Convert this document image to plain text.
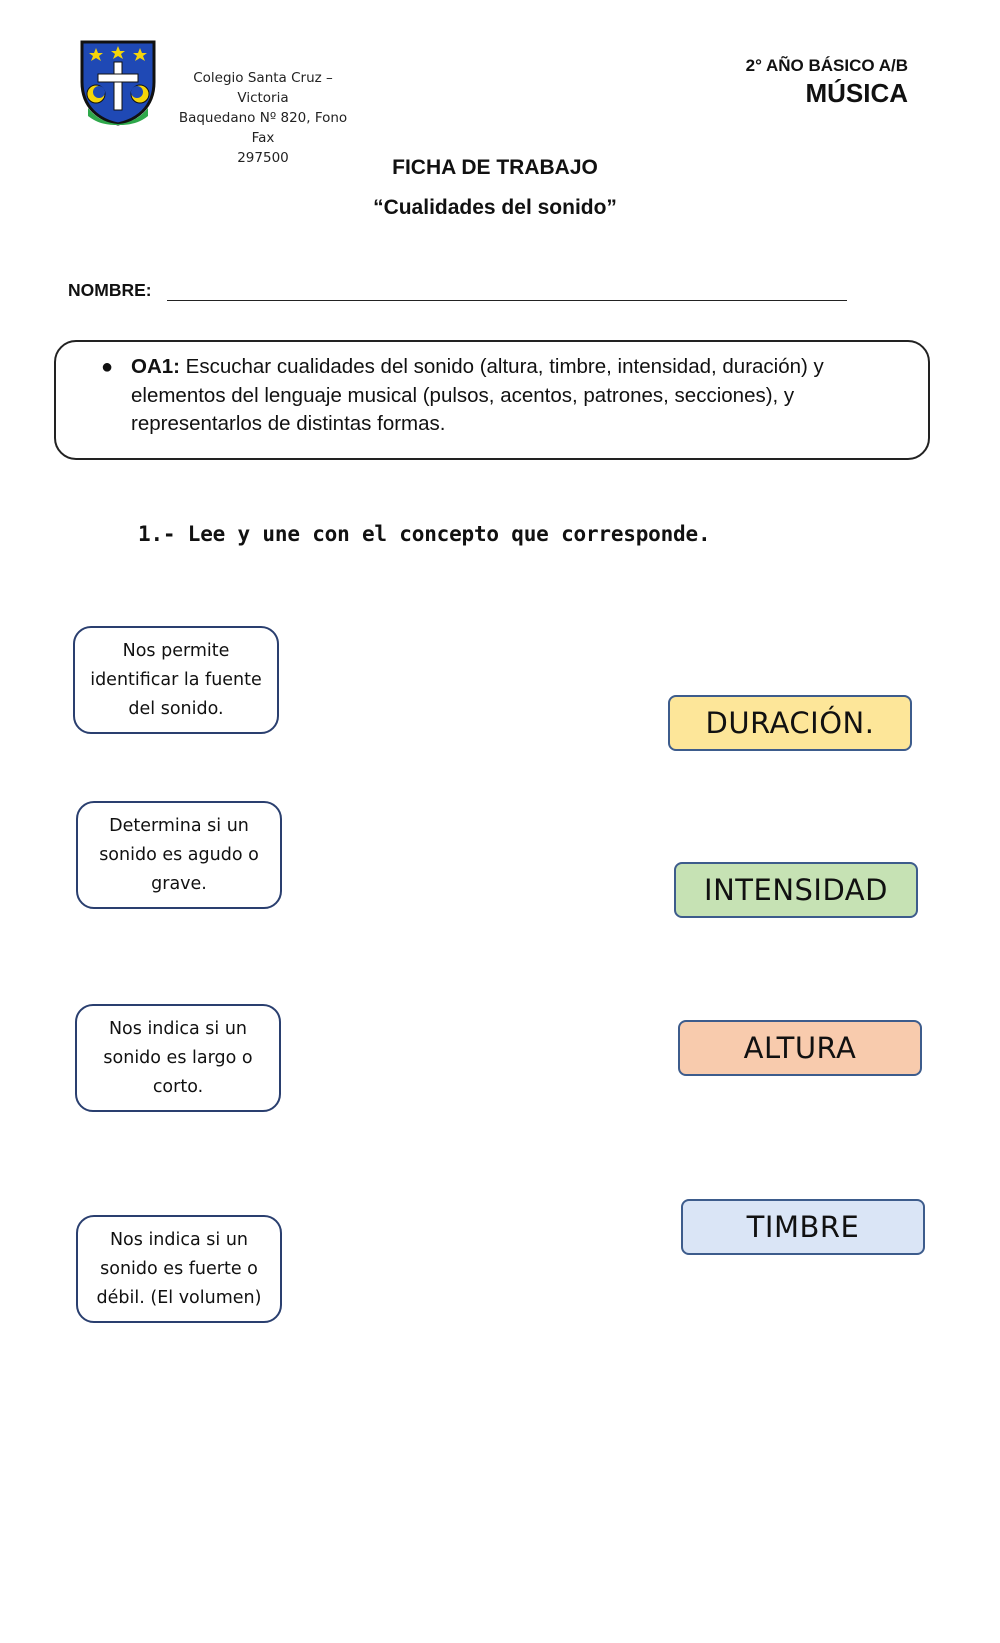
Colegio Santa Cruz – Victoria
Baquedano Nº 820, Fono Fax
297500
2° AÑO BÁSICO A/B
MÚSICA
FICHA DE TRABAJO
“Cualidades del sonido”
NOMBRE:
● OA1: Escuchar cualidades del sonido (altura, timbre, intensidad, duración) y elementos del lenguaje musical (pulsos, acentos, patrones, secciones), y representarlos de distintas formas.
1.- Lee y une con el concepto que corresponde.
Nos permite identificar la fuente del sonido.
Determina si un sonido es agudo o grave.
Nos indica si un sonido es largo o corto.
Nos indica si un sonido es fuerte o débil. (El volumen)
DURACIÓN.
INTENSIDAD
ALTURA
TIMBRE
